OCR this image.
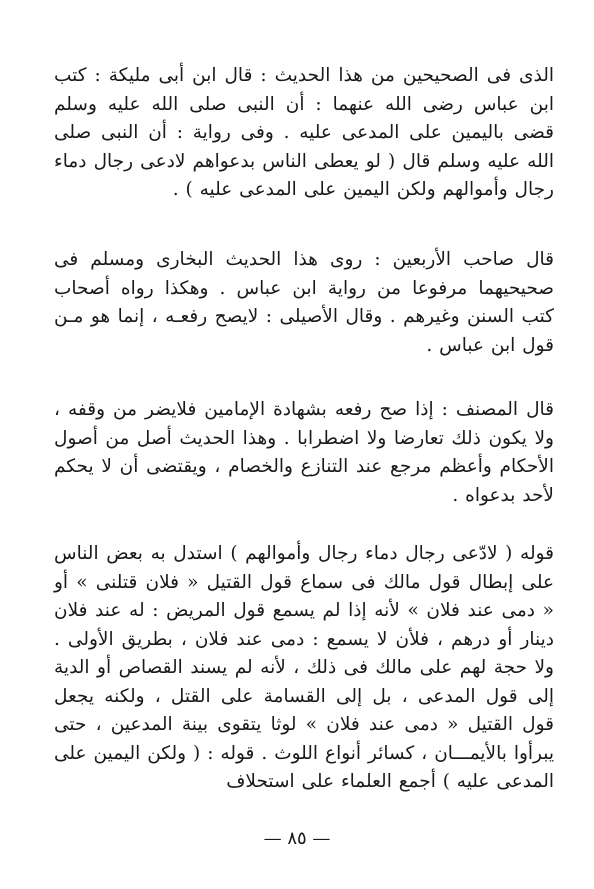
الذى فى الصحيحين من هذا الحديث : قال ابن أبى مليكة : كتب ابن عباس رضى الله عنهما : أن النبى صلى الله عليه وسلم قضى باليمين على المدعى عليه . وفى رواية : أن النبى صلى الله عليه وسلم قال ( لو يعطى الناس بدعواهم لادعى رجال دماء رجال وأموالهم ولكن اليمين على المدعى عليه ) .

قال صاحب الأربعين : روى هذا الحديث البخارى ومسلم فى صحيحيهما مرفوعا من رواية ابن عباس . وهكذا رواه أصحاب كتب السنن وغيرهم . وقال الأصيلى : لايصح رفعـه ، إنما هو مـن قول ابن عباس .

قال المصنف : إذا صح رفعه بشهادة الإمامين فلايضر من وقفه ، ولا يكون ذلك تعارضا ولا اضطرابا . وهذا الحديث أصل من أصول الأحكام وأعظم مرجع عند التنازع والخصام ، ويقتضى أن لا يحكم لأحد بدعواه .

قوله ( لادّعى رجال دماء رجال وأموالهم ) استدل به بعض الناس على إبطال قول مالك فى سماع قول القتيل « فلان قتلنى » أو « دمى عند فلان » لأنه إذا لم يسمع قول المريض : له عند فلان دينار أو درهم ، فلأن لا يسمع : دمى عند فلان ، بطريق الأولى . ولا حجة لهم على مالك فى ذلك ، لأنه لم يسند القصاص أو الدية إلى قول المدعى ، بل إلى القسامة على القتل ، ولكنه يجعل قول القتيل « دمى عند فلان » لوثا يتقوى بينة المدعين ، حتى يبرأوا بالأيمـــان ، كسائر أنواع اللوث . قوله : ( ولكن اليمين على المدعى عليه ) أجمع العلماء على استحلاف

— ٨٥ —
